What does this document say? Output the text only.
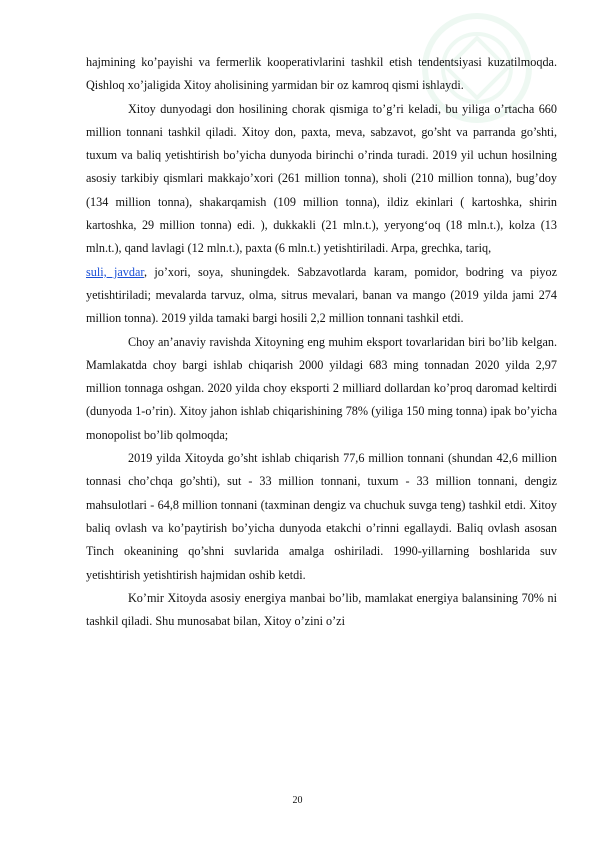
hajmining ko’payishi va fermerlik kooperativlarini tashkil etish tendentsiyasi kuzatilmoqda. Qishloq xo’jaligida Xitoy aholisining yarmidan bir oz kamroq qismi ishlaydi.

Xitoy dunyodagi don hosilining chorak qismiga to’g’ri keladi, bu yiliga o’rtacha 660 million tonnani tashkil qiladi. Xitoy don, paxta, meva, sabzavot, go’sht va parranda go’shti, tuxum va baliq yetishtirish bo’yicha dunyoda birinchi o’rinda turadi. 2019 yil uchun hosilning asosiy tarkibiy qismlari makkajo’xori (261 million tonna), sholi (210 million tonna), bug’doy (134 million tonna), shakarqamish (109 million tonna), ildiz ekinlari ( kartoshka, shirin kartoshka, 29 million tonna) edi. ), dukkakli (21 mln.t.), yeryong‘oq (18 mln.t.), kolza (13 mln.t.), qand lavlagi (12 mln.t.), paxta (6 mln.t.) yetishtiriladi. Arpa, grechka, tariq,
suli, javdar, jo’xori, soya, shuningdek. Sabzavotlarda karam, pomidor, bodring va piyoz yetishtiriladi; mevalarda tarvuz, olma, sitrus mevalari, banan va mango (2019 yilda jami 274 million tonna). 2019 yilda tamaki bargi hosili 2,2 million tonnani tashkil etdi.

Choy an’anaviy ravishda Xitoyning eng muhim eksport tovarlaridan biri bo’lib kelgan. Mamlakatda choy bargi ishlab chiqarish 2000 yildagi 683 ming tonnadan 2020 yilda 2,97 million tonnaga oshgan. 2020 yilda choy eksporti 2 milliard dollardan ko’proq daromad keltirdi (dunyoda 1-o’rin). Xitoy jahon ishlab chiqarishining 78% (yiliga 150 ming tonna) ipak bo’yicha monopolist bo’lib qolmoqda;

2019 yilda Xitoyda go’sht ishlab chiqarish 77,6 million tonnani (shundan 42,6 million tonnasi cho’chqa go’shti), sut - 33 million tonnani, tuxum - 33 million tonnani, dengiz mahsulotlari - 64,8 million tonnani (taxminan dengiz va chuchuk suvga teng) tashkil etdi. Xitoy baliq ovlash va ko’paytirish bo’yicha dunyoda etakchi o’rinni egallaydi. Baliq ovlash asosan Tinch okeanining qo’shni suvlarida amalga oshiriladi. 1990-yillarning boshlarida suv yetishtirish yetishtirish hajmidan oshib ketdi.

Ko’mir Xitoyda asosiy energiya manbai bo’lib, mamlakat energiya balansining 70% ni tashkil qiladi. Shu munosabat bilan, Xitoy o’zini o’zi

20
